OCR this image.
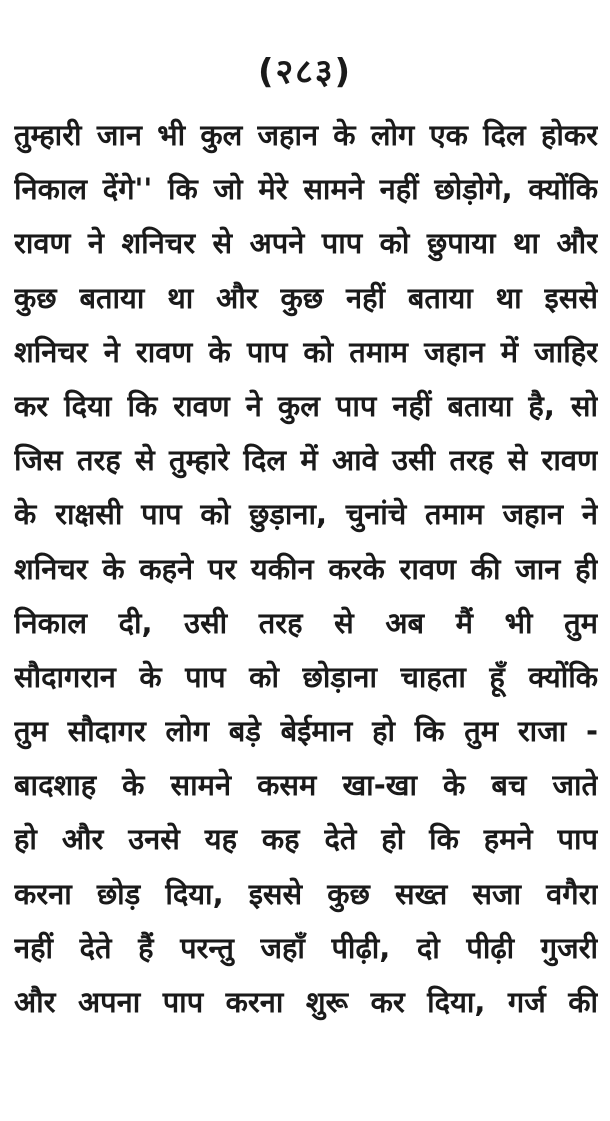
(२८३)
तुम्हारी जान भी कुल जहान के लोग एक दिल होकर
निकाल देंगे'' कि जो मेरे सामने नहीं छोड़ोगे, क्योंकि
रावण ने शनिचर से अपने पाप को छुपाया था और
कुछ बताया था और कुछ नहीं बताया था इससे
शनिचर ने रावण के पाप को तमाम जहान में जाहिर
कर दिया कि रावण ने कुल पाप नहीं बताया है, सो
जिस तरह से तुम्हारे दिल में आवे उसी तरह से रावण
के राक्षसी पाप को छुड़ाना, चुनांचे तमाम जहान ने
शनिचर के कहने पर यकीन करके रावण की जान ही
निकाल दी, उसी तरह से अब मैं भी तुम
सौदागरान के पाप को छोड़ाना चाहता हूँ क्योंकि
तुम सौदागर लोग बड़े बेईमान हो कि तुम राजा -
बादशाह के सामने कसम खा-खा के बच जाते
हो और उनसे यह कह देते हो कि हमने पाप
करना छोड़ दिया, इससे कुछ सख्त सजा वगैरा
नहीं देते हैं परन्तु जहाँ पीढ़ी, दो पीढ़ी गुजरी
और अपना पाप करना शुरू कर दिया, गर्ज की
